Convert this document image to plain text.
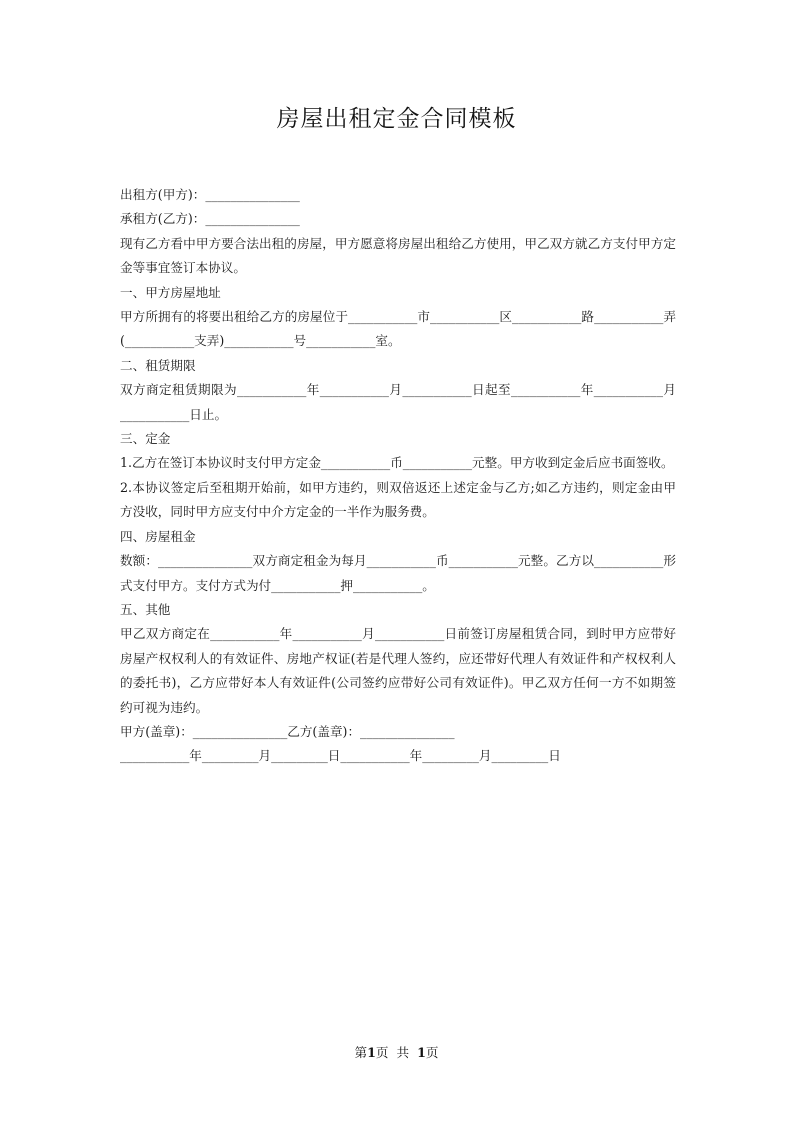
房屋出租定金合同模板

出租方(甲方)：_______________

承租方(乙方)：_______________

现有乙方看中甲方要合法出租的房屋，甲方愿意将房屋出租给乙方使用，甲乙双方就乙方支付甲方定金等事宜签订本协议。

一、甲方房屋地址

甲方所拥有的将要出租给乙方的房屋位于___________市___________区___________路___________弄(___________支弄)___________号___________室。

二、租赁期限

双方商定租赁期限为___________年___________月___________日起至___________年___________月___________日止。

三、定金

1.乙方在签订本协议时支付甲方定金___________币___________元整。甲方收到定金后应书面签收。

2.本协议签定后至租期开始前，如甲方违约，则双倍返还上述定金与乙方;如乙方违约，则定金由甲方没收，同时甲方应支付中介方定金的一半作为服务费。

四、房屋租金

数额：_______________双方商定租金为每月___________币___________元整。乙方以___________形式支付甲方。支付方式为付___________押___________。

五、其他

甲乙双方商定在___________年___________月___________日前签订房屋租赁合同，到时甲方应带好房屋产权权利人的有效证件、房地产权证(若是代理人签约，应还带好代理人有效证件和产权权利人的委托书)，乙方应带好本人有效证件(公司签约应带好公司有效证件)。甲乙双方任何一方不如期签约可视为违约。

甲方(盖章)：_______________乙方(盖章)：_______________

___________年_________月_________日___________年_________月_________日

第1页  共  1页
